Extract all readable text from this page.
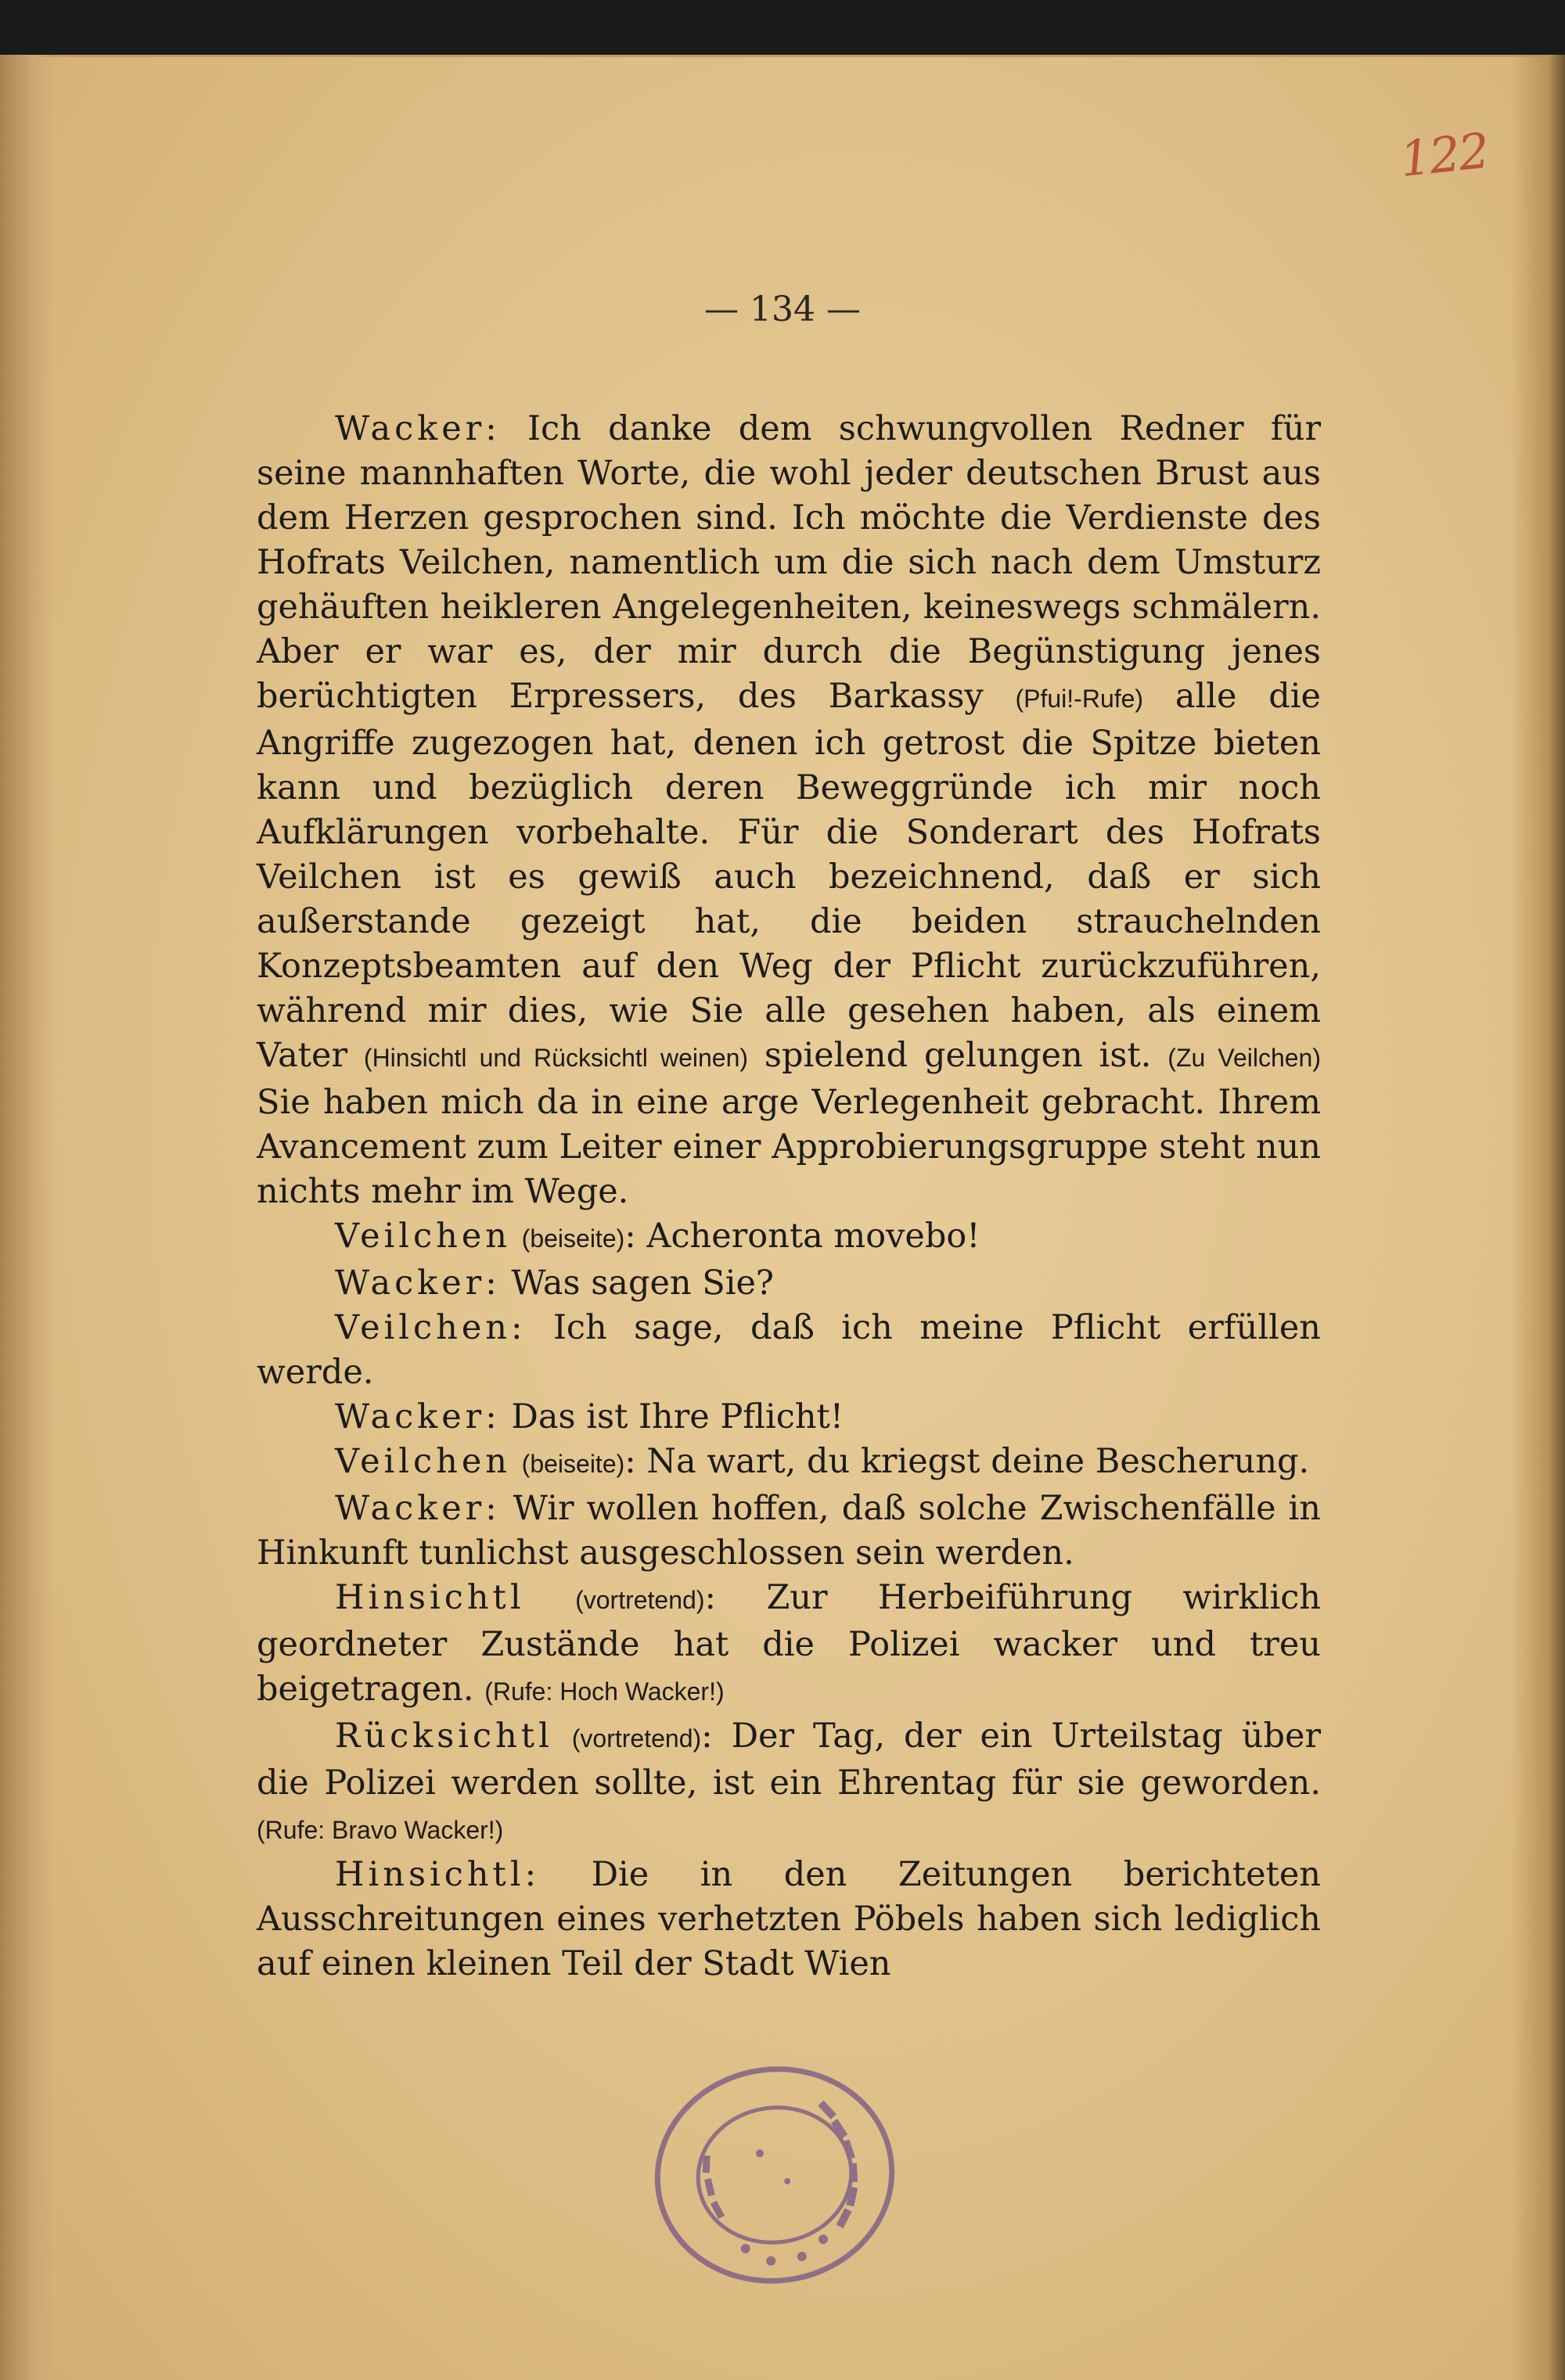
122
— 134 —

Wacker: Ich danke dem schwungvollen Redner für seine mannhaften Worte, die wohl jeder deutschen Brust aus dem Herzen gesprochen sind. Ich möchte die Verdienste des Hofrats Veilchen, namentlich um die sich nach dem Umsturz gehäuften heikleren Angelegenheiten, keineswegs schmälern. Aber er war es, der mir durch die Begünstigung jenes berüchtigten Erpressers, des Barkassy (Pfui!-Rufe) alle die Angriffe zugezogen hat, denen ich getrost die Spitze bieten kann und bezüglich deren Beweggründe ich mir noch Aufklärungen vorbehalte. Für die Sonderart des Hofrats Veilchen ist es gewiß auch bezeichnend, daß er sich außerstande gezeigt hat, die beiden strauchelnden Konzeptsbeamten auf den Weg der Pflicht zurückzuführen, während mir dies, wie Sie alle gesehen haben, als einem Vater (Hinsichtl und Rücksichtl weinen) spielend gelungen ist. (Zu Veilchen) Sie haben mich da in eine arge Verlegenheit gebracht. Ihrem Avancement zum Leiter einer Approbierungsgruppe steht nun nichts mehr im Wege.

Veilchen (beiseite): Acheronta movebo!

Wacker: Was sagen Sie?

Veilchen: Ich sage, daß ich meine Pflicht erfüllen werde.

Wacker: Das ist Ihre Pflicht!

Veilchen (beiseite): Na wart, du kriegst deine Bescherung.

Wacker: Wir wollen hoffen, daß solche Zwischenfälle in Hinkunft tunlichst ausgeschlossen sein werden.

Hinsichtl (vortretend): Zur Herbeiführung wirklich geordneter Zustände hat die Polizei wacker und treu beigetragen. (Rufe: Hoch Wacker!)

Rücksichtl (vortretend): Der Tag, der ein Urteilstag über die Polizei werden sollte, ist ein Ehrentag für sie geworden. (Rufe: Bravo Wacker!)

Hinsichtl: Die in den Zeitungen berichteten Ausschreitungen eines verhetzten Pöbels haben sich lediglich auf einen kleinen Teil der Stadt Wien
